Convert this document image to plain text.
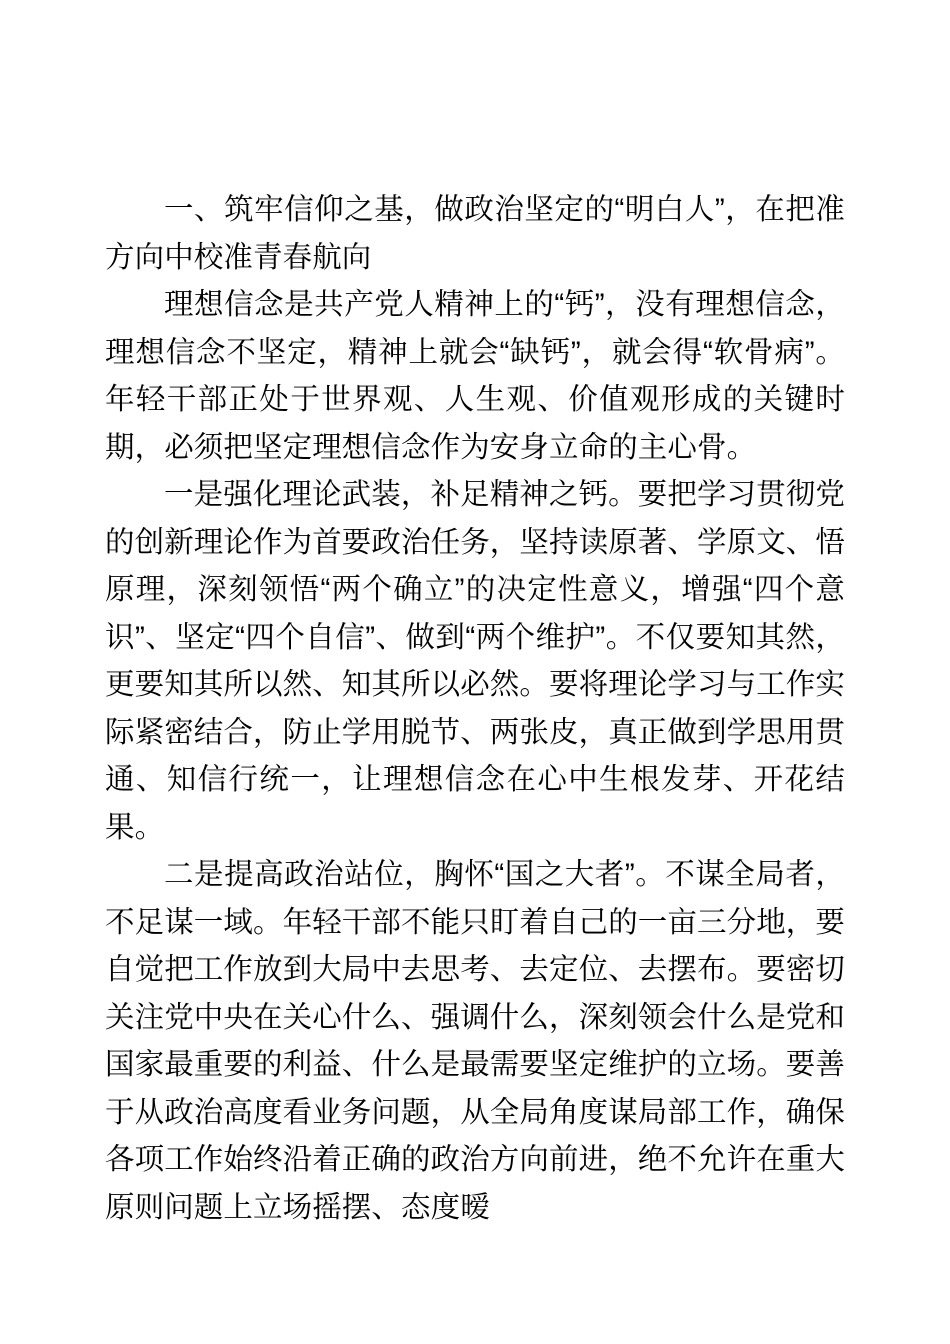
一、筑牢信仰之基，做政治坚定的“明白人”，在把准方向中校准青春航向

理想信念是共产党人精神上的“钙”，没有理想信念，理想信念不坚定，精神上就会“缺钙”，就会得“软骨病”。年轻干部正处于世界观、人生观、价值观形成的关键时期，必须把坚定理想信念作为安身立命的主心骨。

一是强化理论武装，补足精神之钙。要把学习贯彻党的创新理论作为首要政治任务，坚持读原著、学原文、悟原理，深刻领悟“两个确立”的决定性意义，增强“四个意识”、坚定“四个自信”、做到“两个维护”。不仅要知其然，更要知其所以然、知其所以必然。要将理论学习与工作实际紧密结合，防止学用脱节、两张皮，真正做到学思用贯通、知信行统一，让理想信念在心中生根发芽、开花结果。

二是提高政治站位，胸怀“国之大者”。不谋全局者，不足谋一域。年轻干部不能只盯着自己的一亩三分地，要自觉把工作放到大局中去思考、去定位、去摆布。要密切关注党中央在关心什么、强调什么，深刻领会什么是党和国家最重要的利益、什么是最需要坚定维护的立场。要善于从政治高度看业务问题，从全局角度谋局部工作，确保各项工作始终沿着正确的政治方向前进，绝不允许在重大原则问题上立场摇摆、态度暧
